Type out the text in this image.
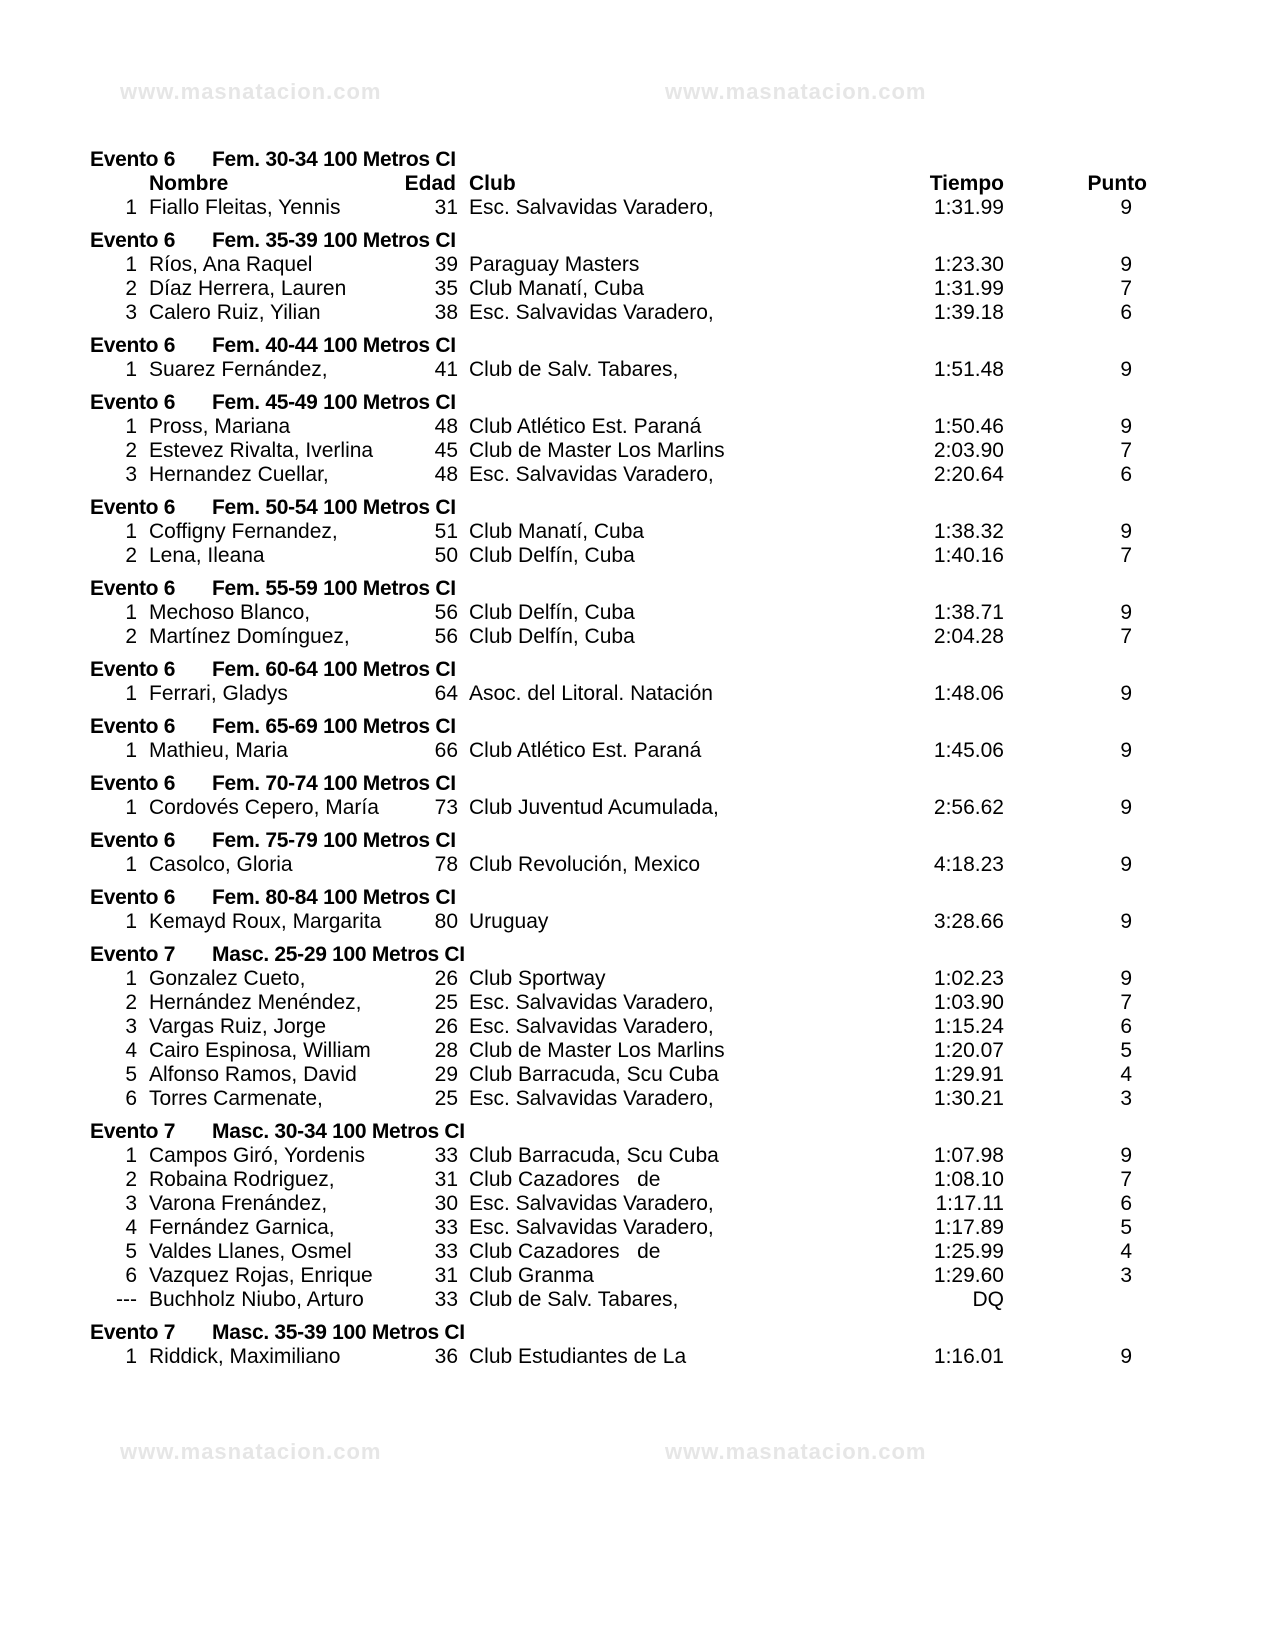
www.masnatacion.com	www.masnatacion.com
www.masnatacion.com	www.masnatacion.com
Evento 6 Fem. 30-34 100 Metros CI
Nombre	Edad Club	Tiempo	Punto
1 Fiallo Fleitas, Yennis	31 Esc. Salvavidas Varadero,	1:31.99	9
Evento 6 Fem. 35-39 100 Metros CI
1 Ríos, Ana Raquel	39 Paraguay Masters	1:23.30	9
2 Díaz Herrera, Lauren	35 Club Manatí, Cuba	1:31.99	7
3 Calero Ruiz, Yilian	38 Esc. Salvavidas Varadero,	1:39.18	6
Evento 6 Fem. 40-44 100 Metros CI
1 Suarez Fernández,	41 Club de Salv. Tabares,	1:51.48	9
Evento 6 Fem. 45-49 100 Metros CI
1 Pross, Mariana	48 Club Atlético Est. Paraná	1:50.46	9
2 Estevez Rivalta, Iverlina	45 Club de Master Los Marlins	2:03.90	7
3 Hernandez Cuellar,	48 Esc. Salvavidas Varadero,	2:20.64	6
Evento 6 Fem. 50-54 100 Metros CI
1 Coffigny Fernandez,	51 Club Manatí, Cuba	1:38.32	9
2 Lena, Ileana	50 Club Delfín, Cuba	1:40.16	7
Evento 6 Fem. 55-59 100 Metros CI
1 Mechoso Blanco,	56 Club Delfín, Cuba	1:38.71	9
2 Martínez Domínguez,	56 Club Delfín, Cuba	2:04.28	7
Evento 6 Fem. 60-64 100 Metros CI
1 Ferrari, Gladys	64 Asoc. del Litoral. Natación	1:48.06	9
Evento 6 Fem. 65-69 100 Metros CI
1 Mathieu, Maria	66 Club Atlético Est. Paraná	1:45.06	9
Evento 6 Fem. 70-74 100 Metros CI
1 Cordovés Cepero, María	73 Club Juventud Acumulada,	2:56.62	9
Evento 6 Fem. 75-79 100 Metros CI
1 Casolco, Gloria	78 Club Revolución, Mexico	4:18.23	9
Evento 6 Fem. 80-84 100 Metros CI
1 Kemayd Roux, Margarita	80 Uruguay	3:28.66	9
Evento 7 Masc. 25-29 100 Metros CI
1 Gonzalez Cueto,	26 Club Sportway	1:02.23	9
2 Hernández Menéndez,	25 Esc. Salvavidas Varadero,	1:03.90	7
3 Vargas Ruiz, Jorge	26 Esc. Salvavidas Varadero,	1:15.24	6
4 Cairo Espinosa, William	28 Club de Master Los Marlins	1:20.07	5
5 Alfonso Ramos, David	29 Club Barracuda, Scu Cuba	1:29.91	4
6 Torres Carmenate,	25 Esc. Salvavidas Varadero,	1:30.21	3
Evento 7 Masc. 30-34 100 Metros CI
1 Campos Giró, Yordenis	33 Club Barracuda, Scu Cuba	1:07.98	9
2 Robaina Rodriguez,	31 Club Cazadores   de	1:08.10	7
3 Varona Frenández,	30 Esc. Salvavidas Varadero,	1:17.11	6
4 Fernández Garnica,	33 Esc. Salvavidas Varadero,	1:17.89	5
5 Valdes Llanes, Osmel	33 Club Cazadores   de	1:25.99	4
6 Vazquez Rojas, Enrique	31 Club Granma	1:29.60	3
--- Buchholz Niubo, Arturo	33 Club de Salv. Tabares,	DQ
Evento 7 Masc. 35-39 100 Metros CI
1 Riddick, Maximiliano	36 Club Estudiantes de La	1:16.01	9
